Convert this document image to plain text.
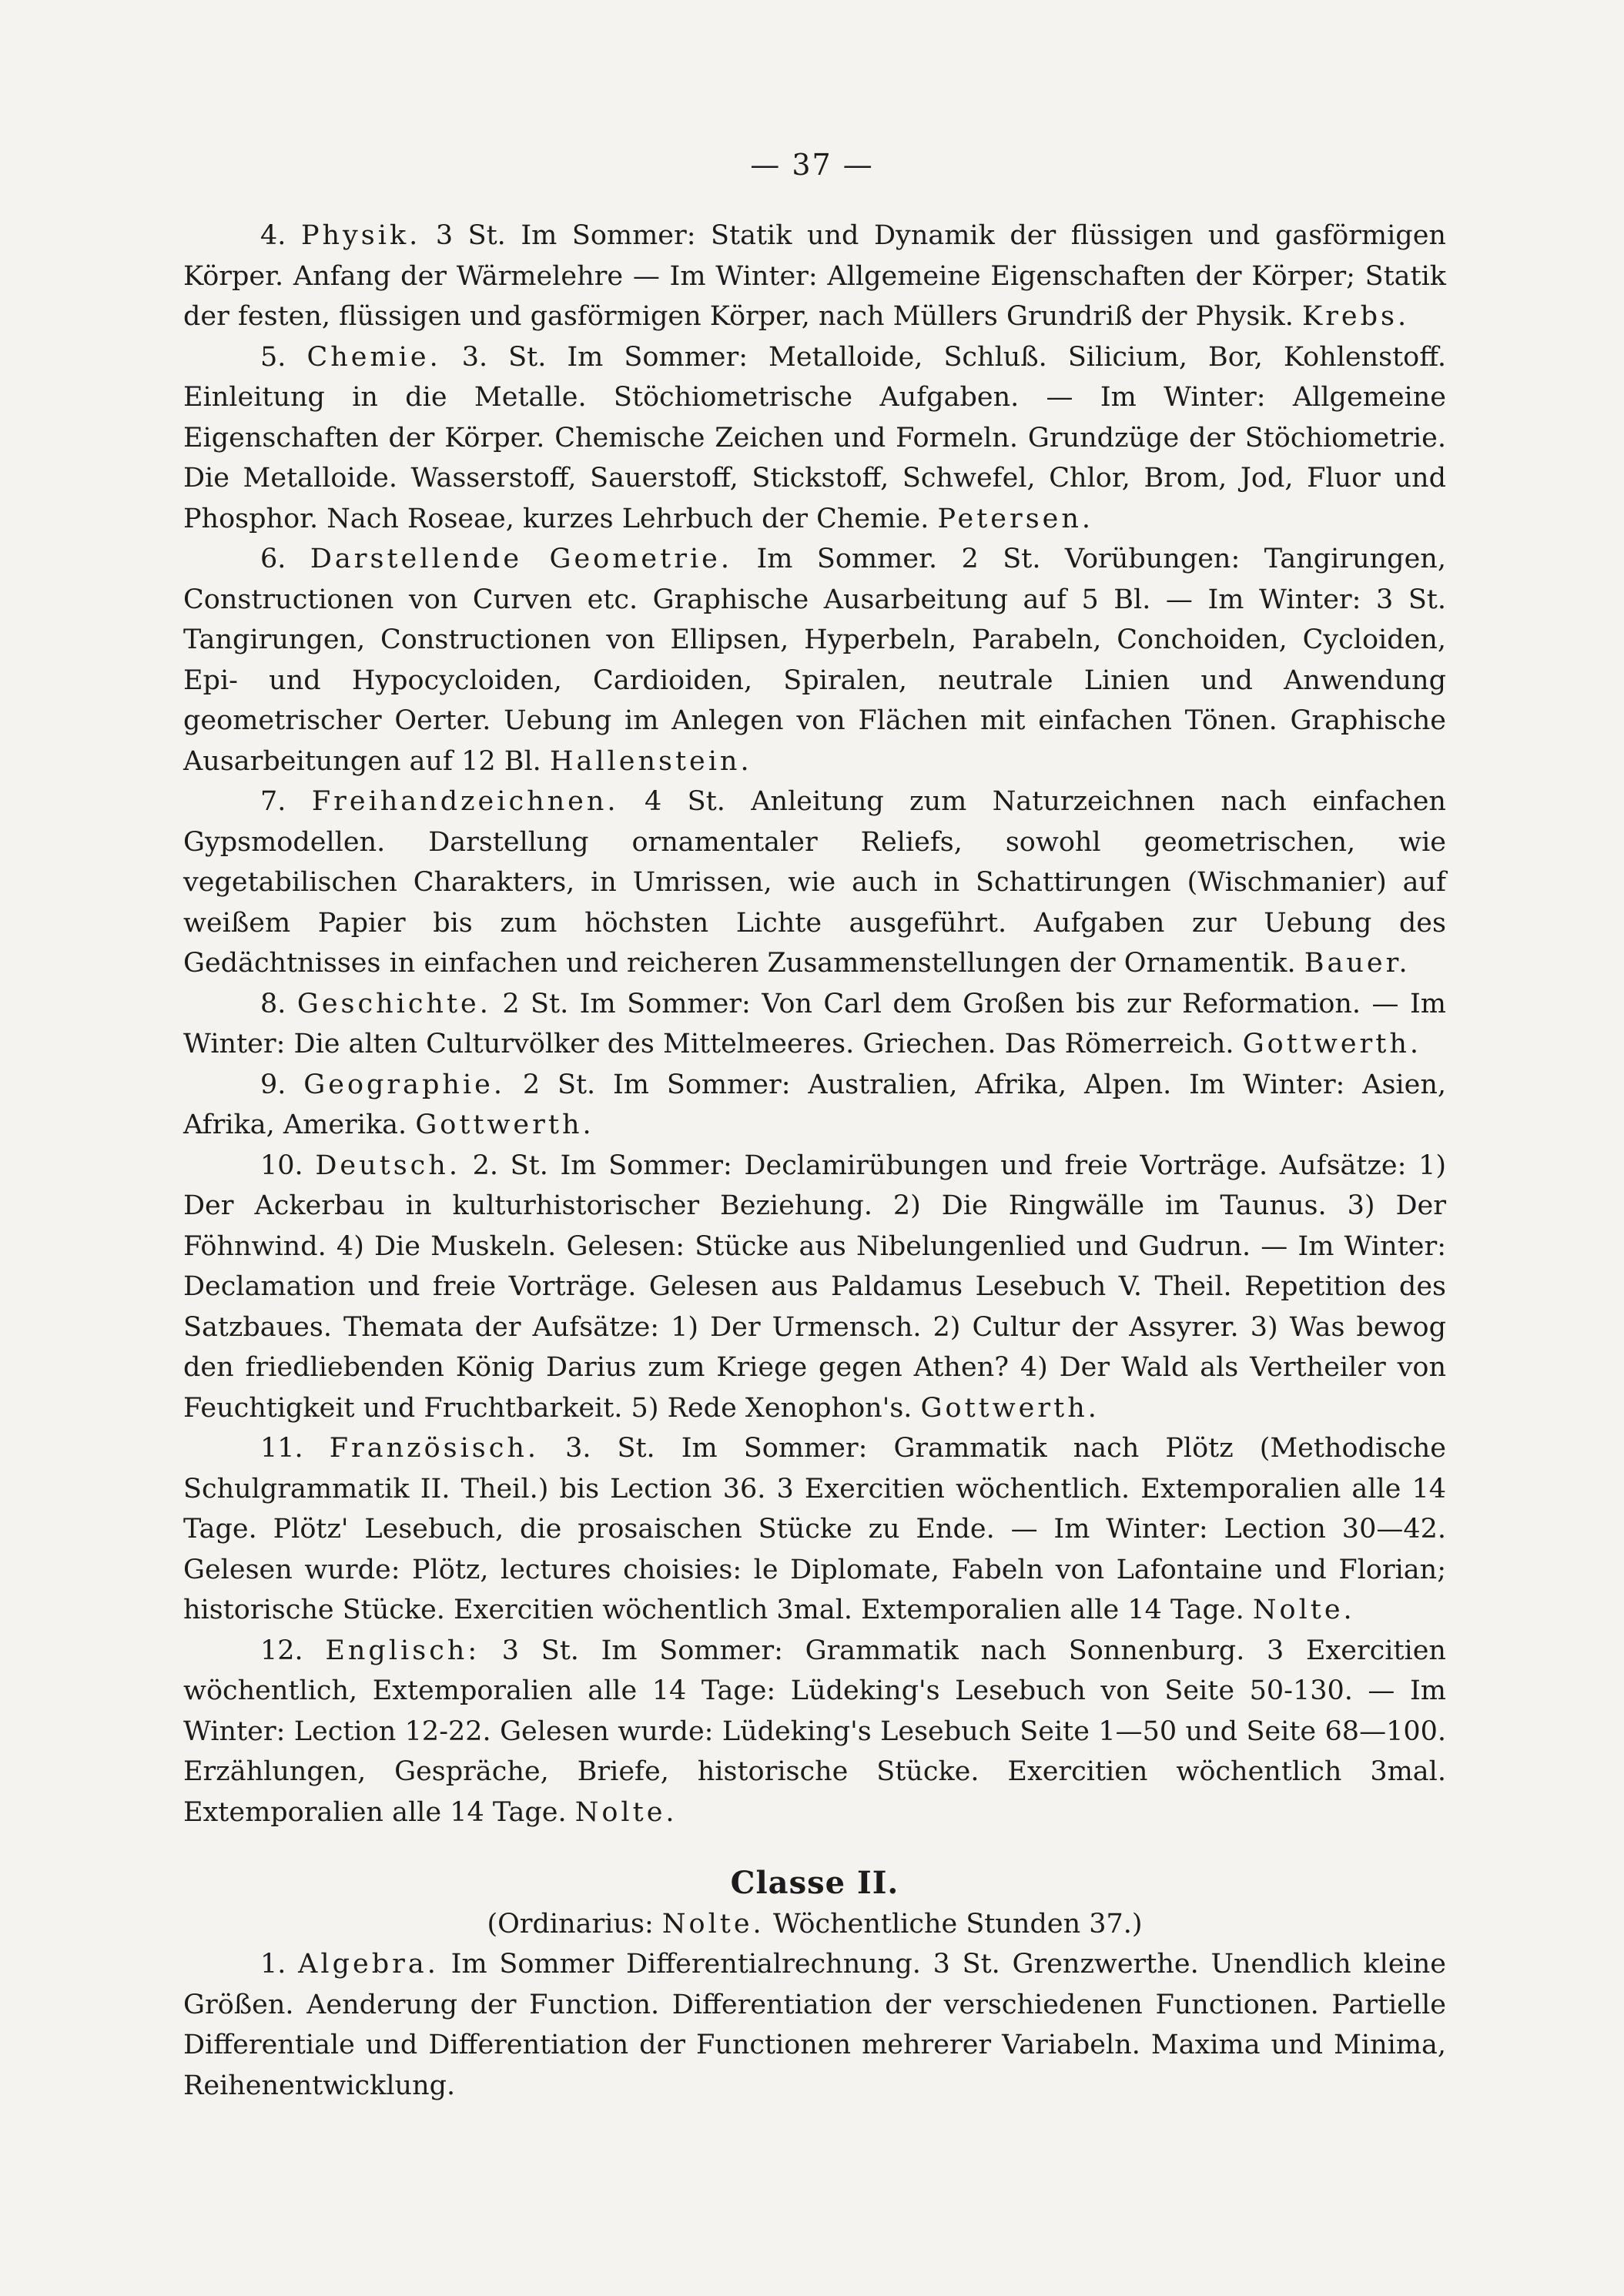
— 37 —

4. Physik. 3 St. Im Sommer: Statik und Dynamik der flüssigen und gasförmigen Körper. Anfang der Wärmelehre — Im Winter: Allgemeine Eigenschaften der Körper; Statik der festen, flüssigen und gasförmigen Körper, nach Müllers Grundriß der Physik. Krebs.

5. Chemie. 3. St. Im Sommer: Metalloide, Schluß. Silicium, Bor, Kohlenstoff. Einleitung in die Metalle. Stöchiometrische Aufgaben. — Im Winter: Allgemeine Eigenschaften der Körper. Chemische Zeichen und Formeln. Grundzüge der Stöchiometrie. Die Metalloide. Wasserstoff, Sauerstoff, Stickstoff, Schwefel, Chlor, Brom, Jod, Fluor und Phosphor. Nach Roseae, kurzes Lehrbuch der Chemie. Petersen.

6. Darstellende Geometrie. Im Sommer. 2 St. Vorübungen: Tangirungen, Constructionen von Curven etc. Graphische Ausarbeitung auf 5 Bl. — Im Winter: 3 St. Tangirungen, Constructionen von Ellipsen, Hyperbeln, Parabeln, Conchoiden, Cycloiden, Epi- und Hypocycloiden, Cardioiden, Spiralen, neutrale Linien und Anwendung geometrischer Oerter. Uebung im Anlegen von Flächen mit einfachen Tönen. Graphische Ausarbeitungen auf 12 Bl. Hallenstein.

7. Freihandzeichnen. 4 St. Anleitung zum Naturzeichnen nach einfachen Gypsmodellen. Darstellung ornamentaler Reliefs, sowohl geometrischen, wie vegetabilischen Charakters, in Umrissen, wie auch in Schattirungen (Wischmanier) auf weißem Papier bis zum höchsten Lichte ausgeführt. Aufgaben zur Uebung des Gedächtnisses in einfachen und reicheren Zusammenstellungen der Ornamentik. Bauer.

8. Geschichte. 2 St. Im Sommer: Von Carl dem Großen bis zur Reformation. — Im Winter: Die alten Culturvölker des Mittelmeeres. Griechen. Das Römerreich. Gottwerth.

9. Geographie. 2 St. Im Sommer: Australien, Afrika, Alpen. Im Winter: Asien, Afrika, Amerika. Gottwerth.

10. Deutsch. 2. St. Im Sommer: Declamirübungen und freie Vorträge. Aufsätze: 1) Der Ackerbau in kulturhistorischer Beziehung. 2) Die Ringwälle im Taunus. 3) Der Föhnwind. 4) Die Muskeln. Gelesen: Stücke aus Nibelungenlied und Gudrun. — Im Winter: Declamation und freie Vorträge. Gelesen aus Paldamus Lesebuch V. Theil. Repetition des Satzbaues. Themata der Aufsätze: 1) Der Urmensch. 2) Cultur der Assyrer. 3) Was bewog den friedliebenden König Darius zum Kriege gegen Athen? 4) Der Wald als Vertheiler von Feuchtigkeit und Fruchtbarkeit. 5) Rede Xenophon's. Gottwerth.

11. Französisch. 3. St. Im Sommer: Grammatik nach Plötz (Methodische Schulgrammatik II. Theil.) bis Lection 36. 3 Exercitien wöchentlich. Extemporalien alle 14 Tage. Plötz' Lesebuch, die prosaischen Stücke zu Ende. — Im Winter: Lection 30—42. Gelesen wurde: Plötz, lectures choisies: le Diplomate, Fabeln von Lafontaine und Florian; historische Stücke. Exercitien wöchentlich 3mal. Extemporalien alle 14 Tage. Nolte.

12. Englisch: 3 St. Im Sommer: Grammatik nach Sonnenburg. 3 Exercitien wöchentlich, Extemporalien alle 14 Tage: Lüdeking's Lesebuch von Seite 50-130. — Im Winter: Lection 12-22. Gelesen wurde: Lüdeking's Lesebuch Seite 1—50 und Seite 68—100. Erzählungen, Gespräche, Briefe, historische Stücke. Exercitien wöchentlich 3mal. Extemporalien alle 14 Tage. Nolte.

Classe II.

(Ordinarius: Nolte. Wöchentliche Stunden 37.)

1. Algebra. Im Sommer Differentialrechnung. 3 St. Grenzwerthe. Unendlich kleine Größen. Aenderung der Function. Differentiation der verschiedenen Functionen. Partielle Differentiale und Differentiation der Functionen mehrerer Variabeln. Maxima und Minima, Reihenentwicklung.
